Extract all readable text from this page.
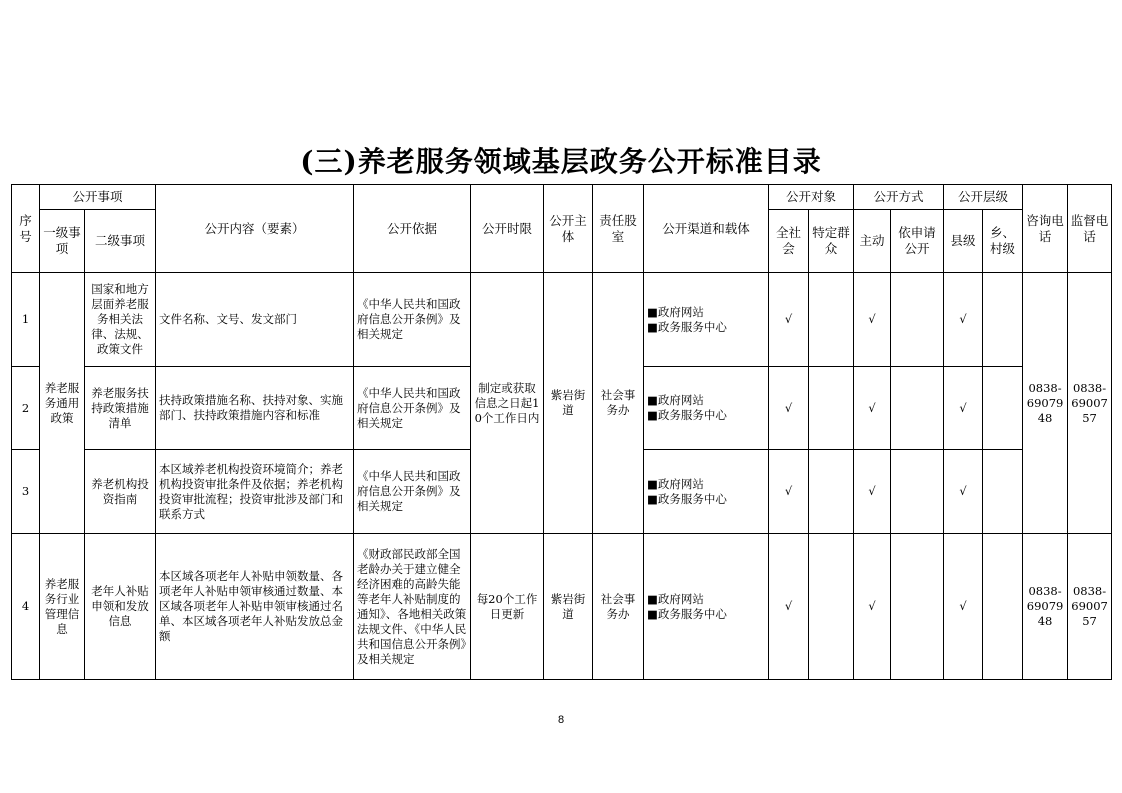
(三)养老服务领域基层政务公开标准目录
序号	公开事项		公开内容（要素）	公开依据	公开时限	公开主体	责任股室	公开渠道和载体	公开对象		公开方式		公开层级		咨询电话	监督电话
	一级事项	二级事项							全社会	特定群众	主动	依申请公开	县级	乡、村级		
1	养老服务通用政策	国家和地方层面养老服务相关法律、法规、政策文件	文件名称、文号、发文部门	《中华人民共和国政府信息公开条例》及相关规定	制定或获取信息之日起10个工作日内	紫岩街道	社会事务办	■政府网站
■政务服务中心	√		√		√		0838-6907948	0838-6900757
2		养老服务扶持政策措施清单	扶持政策措施名称、扶持对象、实施部门、扶持政策措施内容和标准	《中华人民共和国政府信息公开条例》及相关规定				■政府网站
■政务服务中心	√		√		√			
3		养老机构投资指南	本区域养老机构投资环境简介；养老机构投资审批条件及依据；养老机构投资审批流程；投资审批涉及部门和联系方式	《中华人民共和国政府信息公开条例》及相关规定				■政府网站
■政务服务中心	√		√		√			
4	养老服务行业管理信息	老年人补贴申领和发放信息	本区域各项老年人补贴申领数量、各项老年人补贴申领审核通过数量、本区域各项老年人补贴申领审核通过名单、本区域各项老年人补贴发放总金额	《财政部民政部全国老龄办关于建立健全经济困难的高龄失能等老年人补贴制度的通知》、各地相关政策法规文件、《中华人民共和国信息公开条例》及相关规定	每20个工作日更新	紫岩街道	社会事务办	■政府网站
■政务服务中心	√		√		√		0838-6907948	0838-6900757
8
